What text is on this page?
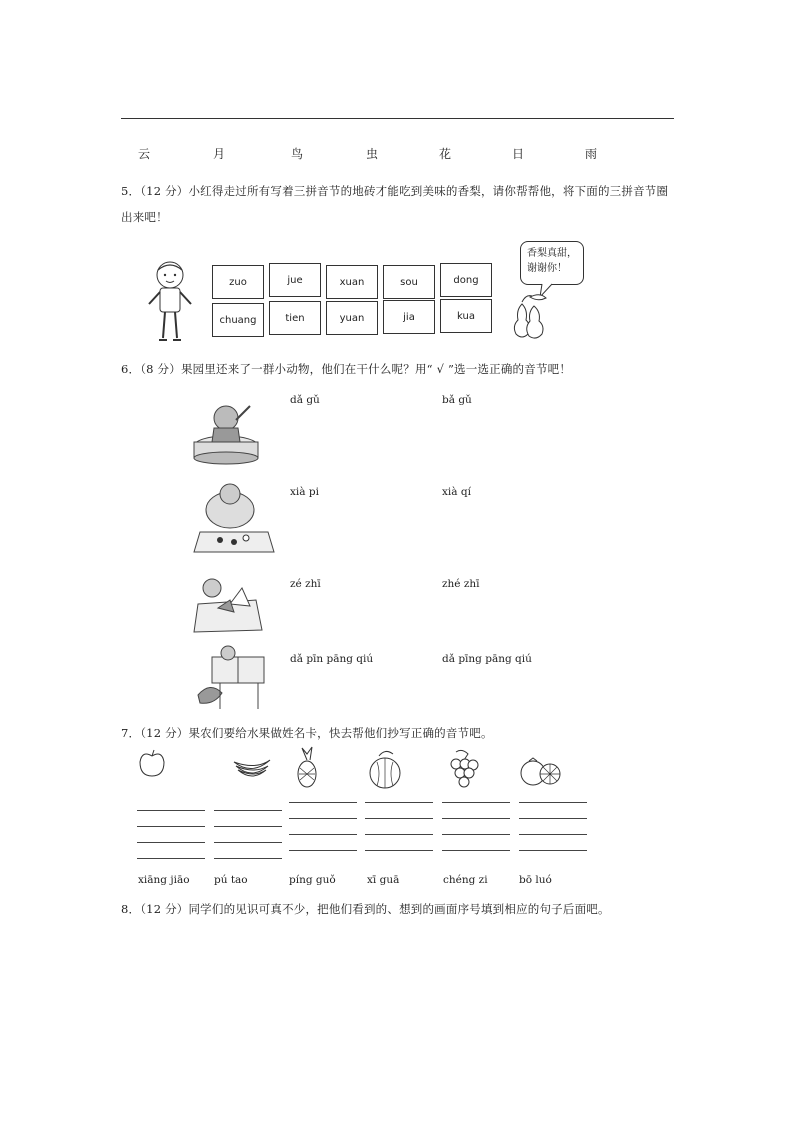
云	月	鸟	虫	花	日	雨
5．（12 分）小红得走过所有写着三拼音节的地砖才能吃到美味的香梨，请你帮帮他，将下面的三拼音节圈
出来吧！
zuo	jue	xuan	sou	dong
chuang	tien	yuan	jia	kua
香梨真甜，
谢谢你！
6．（8 分）果园里还来了一群小动物，他们在干什么呢？用“ √ ”选一选正确的音节吧！
dǎ gǔ	bǎ gǔ
xià pi	xià qí
zé zhī	zhé zhī
dǎ pīn pāng qiú	dǎ pīng pāng qiú
7．（12 分）果农们要给水果做姓名卡，快去帮他们抄写正确的音节吧。
xiāng jiāo pú tao	píng guǒ	xī guā	chéng zi	bō luó
8．（12 分）同学们的见识可真不少，把他们看到的、想到的画面序号填到相应的句子后面吧。
